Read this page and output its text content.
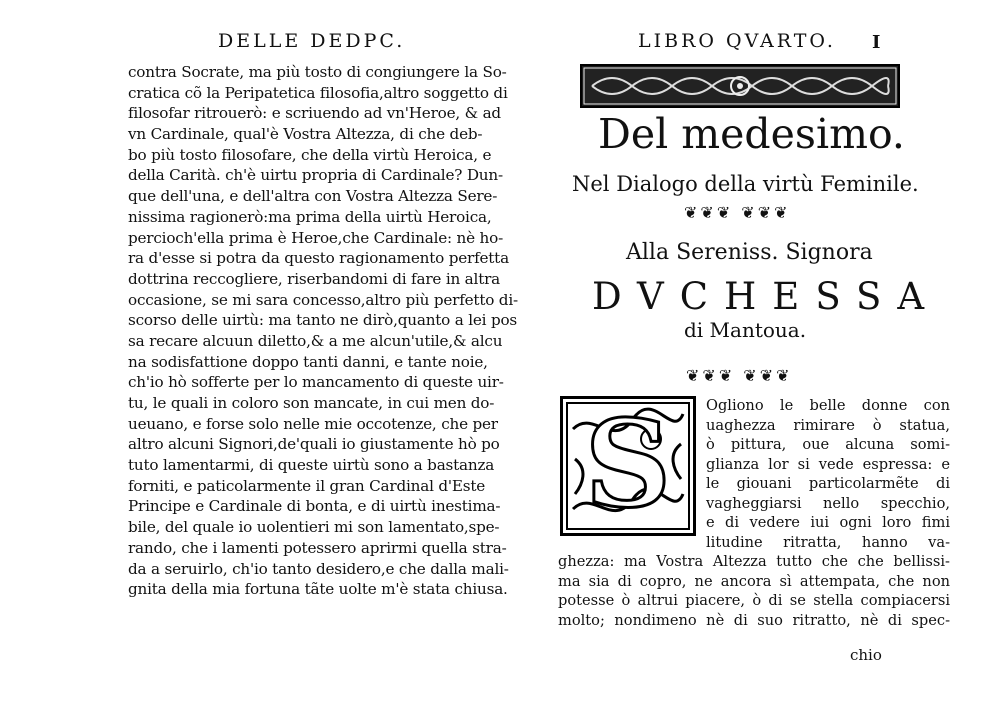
DELLE DEDPC.
contra Socrate, ma più tosto di congiungere la So-
cratica cõ la Peripatetica filosofia,altro soggetto di
filosofar ritrouerò: e scriuendo ad vn'Heroe, & ad
vn Cardinale, qual'è Vostra Altezza, di che deb-
bo più tosto filosofare, che della virtù Heroica, e
della Carità. ch'è uirtu propria di Cardinale? Dun-
que dell'una, e dell'altra con Vostra Altezza Sere-
nissima ragionerò:ma prima della uirtù Heroica,
percioch'ella prima è Heroe,che Cardinale: nè ho-
ra d'esse si potra da questo ragionamento perfetta
dottrina reccogliere, riserbandomi di fare in altra
occasione, se mi sara concesso,altro più perfetto di-
scorso delle uirtù: ma tanto ne dirò,quanto a lei pos
sa recare alcuun diletto,& a me alcun'utile,& alcu
na sodisfattione doppo tanti danni, e tante noie,
ch'io hò sofferte per lo mancamento di queste uir-
tu, le quali in coloro son mancate, in cui men do-
ueuano, e forse solo nelle mie occotenze, che per
altro alcuni Signori,de'quali io giustamente hò po
tuto lamentarmi, di queste uirtù sono a bastanza
forniti, e paticolarmente il gran Cardinal d'Este
Principe e Cardinale di bonta, e di uirtù inestima-
bile, del quale io uolentieri mi son lamentato,spe-
rando, che i lamenti potessero aprirmi quella stra-
da a seruirlo, ch'io tanto desidero,e che dalla mali-
gnita della mia fortuna tãte uolte m'è stata chiusa.
LIBRO QVARTO. I
Del medesimo.
Nel Dialogo della virtù Feminile.
❦❦❦ ❦❦❦
Alla Sereniss. Signora
DVCHESSA
di Mantoua.
❦❦❦ ❦❦❦
S	Ogliono le belle donne con
uaghezza rimirare ò statua,
ò pittura, oue alcuna somi-
glianza lor si vede espressa: e
le giouani particolarmẽte di
vagheggiarsi nello specchio,
e di vedere iui ogni loro fimi
litudine ritratta, hanno va-
ghezza: ma Vostra Altezza tutto che che bellissi-
ma sia di copro, ne ancora sì attempata, che non
potesse ò altrui piacere, ò di se stella compiacersi
molto; nondimeno nè di suo ritratto, nè di spec-
chio
